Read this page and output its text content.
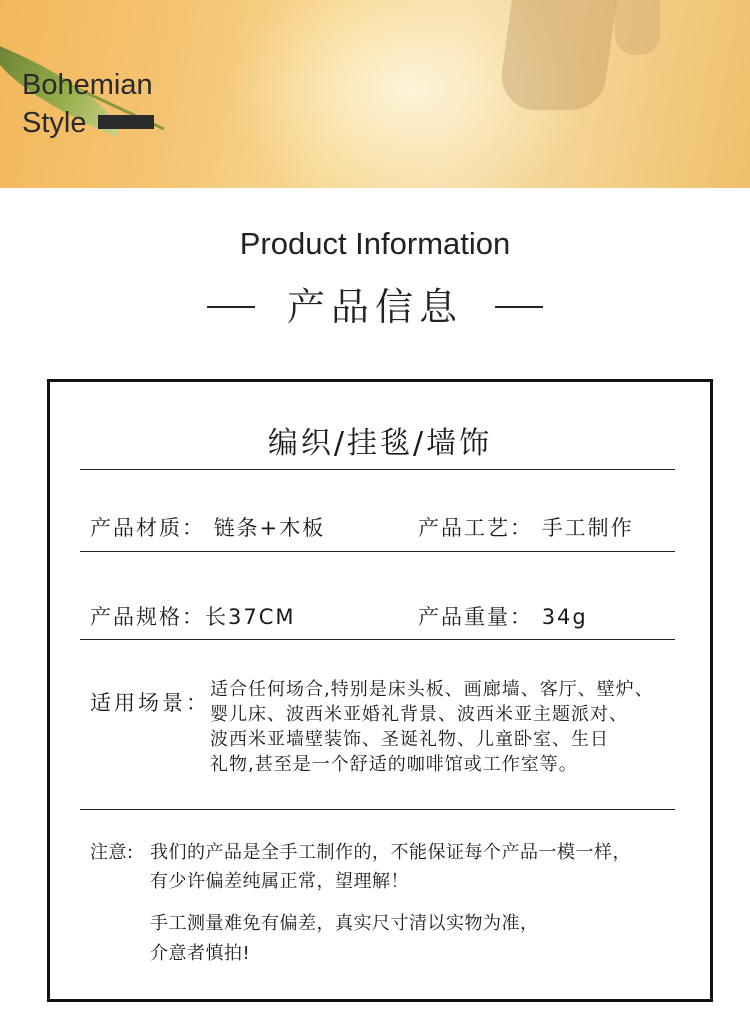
Bohemian
Style
Product Information
产品信息
编织/挂毯/墙饰
产品材质： 链条+木板	产品工艺： 手工制作
产品规格：长37CM	产品重量： 34g
适用场景：
适合任何场合,特别是床头板、画廊墙、客厅、壁炉、
婴儿床、波西米亚婚礼背景、波西米亚主题派对、
波西米亚墙壁装饰、圣诞礼物、儿童卧室、生日
礼物,甚至是一个舒适的咖啡馆或工作室等。
注意: 我们的产品是全手工制作的，不能保证每个产品一模一样，
有少许偏差纯属正常，望理解！
手工测量难免有偏差，真实尺寸清以实物为准，
介意者慎拍!
